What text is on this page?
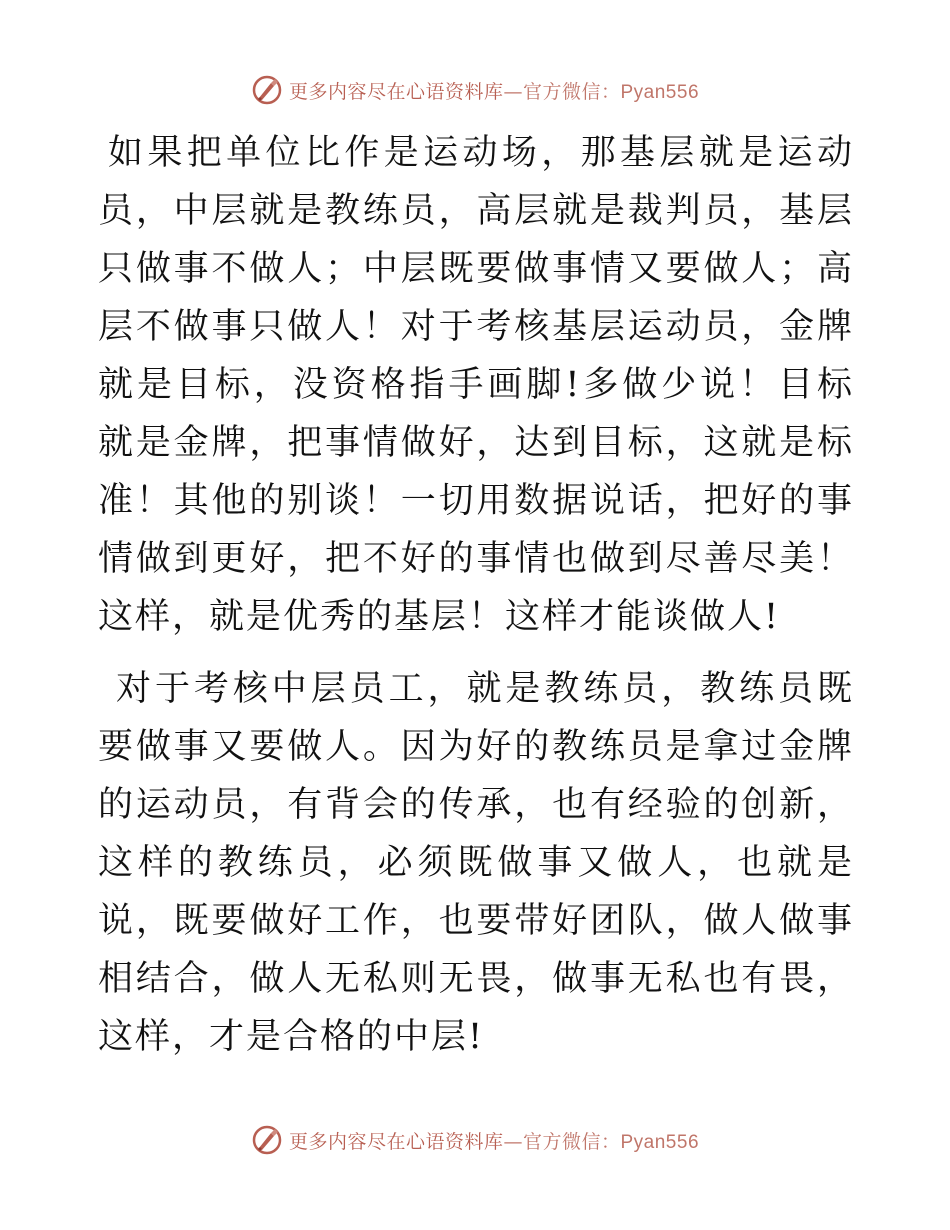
更多内容尽在心语资料库—官方微信：Pyan556

如果把单位比作是运动场，那基层就是运动员，中层就是教练员，高层就是裁判员，基层只做事不做人；中层既要做事情又要做人；高层不做事只做人！对于考核基层运动员，金牌就是目标，没资格指手画脚!多做少说！目标就是金牌，把事情做好，达到目标，这就是标准！其他的别谈！一切用数据说话，把好的事情做到更好，把不好的事情也做到尽善尽美！这样，就是优秀的基层！这样才能谈做人!

对于考核中层员工，就是教练员，教练员既要做事又要做人。因为好的教练员是拿过金牌的运动员，有背会的传承，也有经验的创新，这样的教练员，必须既做事又做人，也就是说，既要做好工作，也要带好团队，做人做事相结合，做人无私则无畏，做事无私也有畏，这样，才是合格的中层!

更多内容尽在心语资料库—官方微信：Pyan556
